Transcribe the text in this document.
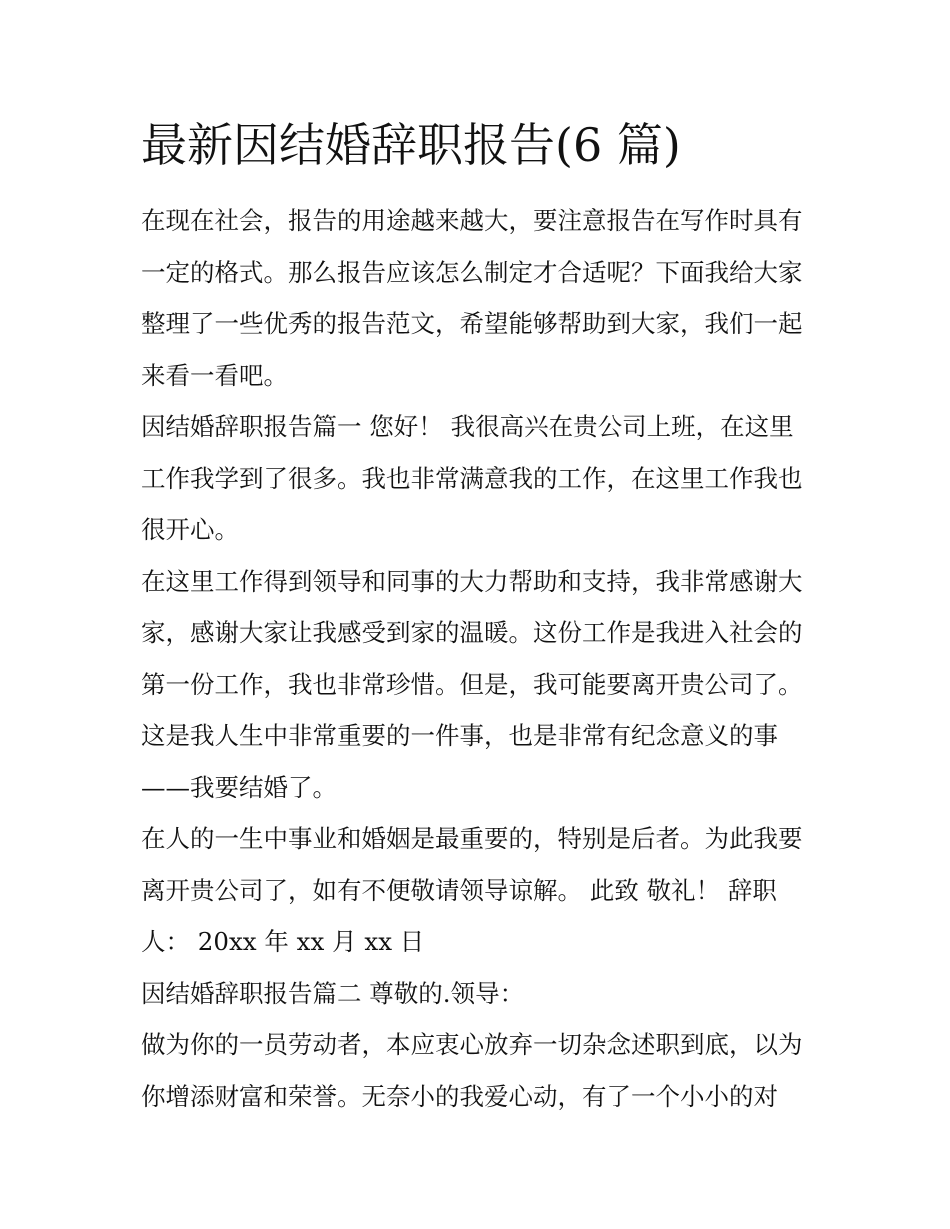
最新因结婚辞职报告(6 篇)
在现在社会，报告的用途越来越大，要注意报告在写作时具有
一定的格式。那么报告应该怎么制定才合适呢？下面我给大家
整理了一些优秀的报告范文，希望能够帮助到大家，我们一起
来看一看吧。
因结婚辞职报告篇一 您好！ 我很高兴在贵公司上班，在这里
工作我学到了很多。我也非常满意我的工作，在这里工作我也
很开心。
在这里工作得到领导和同事的大力帮助和支持，我非常感谢大
家，感谢大家让我感受到家的温暖。这份工作是我进入社会的
第一份工作，我也非常珍惜。但是，我可能要离开贵公司了。
这是我人生中非常重要的一件事，也是非常有纪念意义的事
——我要结婚了。
在人的一生中事业和婚姻是最重要的，特别是后者。为此我要
离开贵公司了，如有不便敬请领导谅解。 此致 敬礼！ 辞职
人： 20xx 年 xx 月 xx 日
因结婚辞职报告篇二 尊敬的.领导：
做为你的一员劳动者，本应衷心放弃一切杂念述职到底，以为
你增添财富和荣誉。无奈小的我爱心动，有了一个小小的对
